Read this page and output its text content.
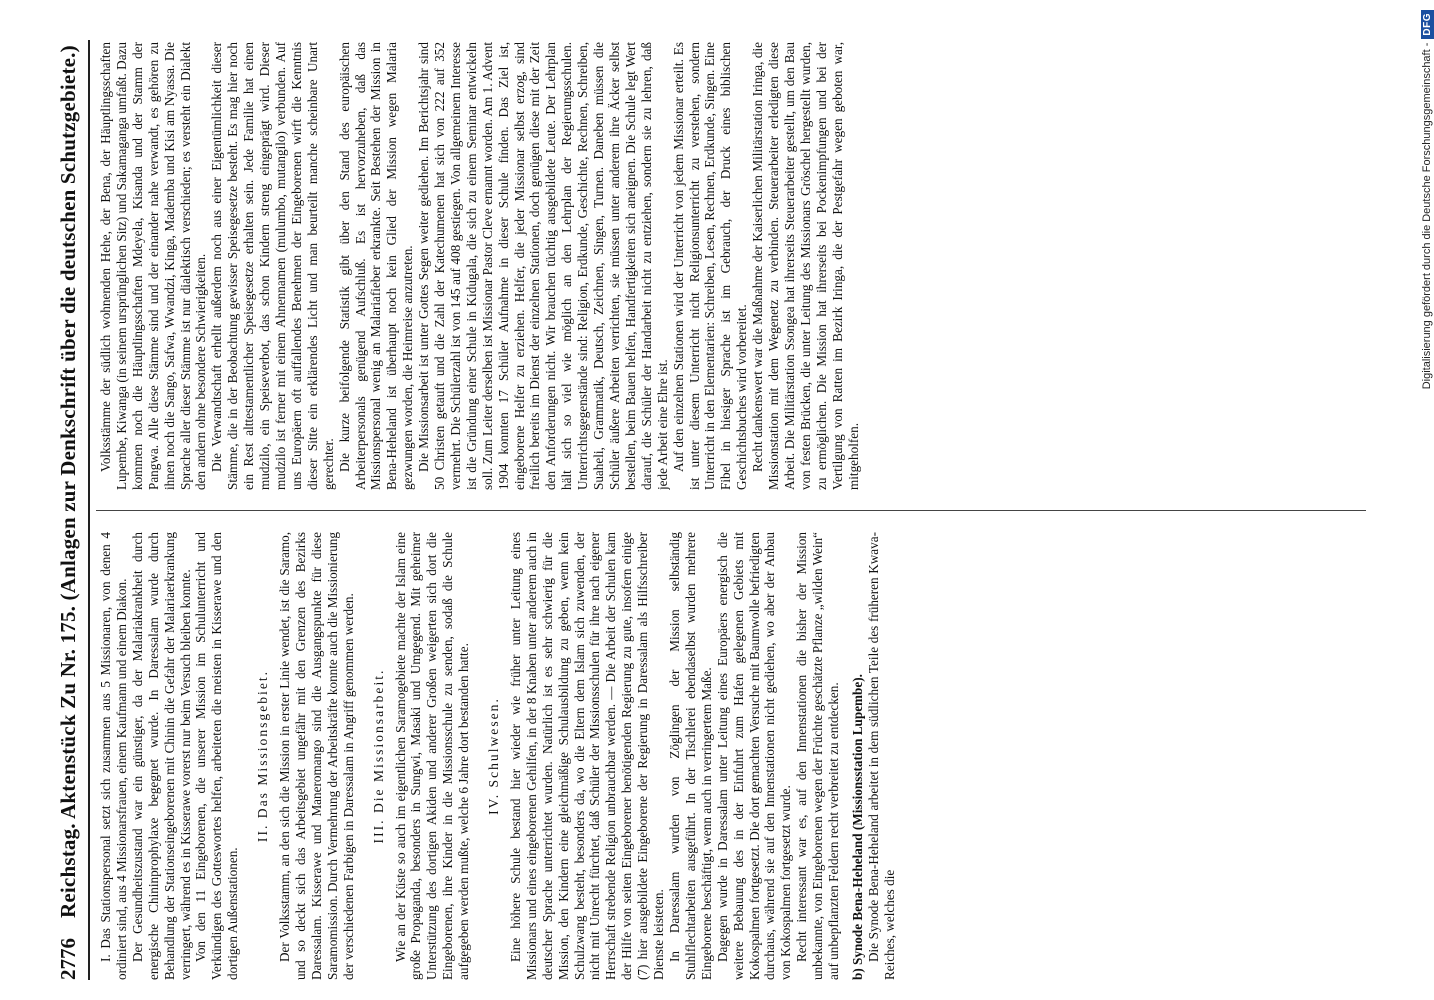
2776
Reichstag. Aktenstück Zu Nr. 175. (Anlagen zur Denkschrift über die deutschen Schutzgebiete.) I. Das Stationspersonal setzt sich zusammen aus 5 Missionaren, von denen 4 ordiniert sind, aus 4 Missionarsfrauen, einem Kaufmann und einem Diakon. Der Gesundheitszustand war ein günstiger, da der Malariakrankheit durch energische Chininprophylaxe begegnet wurde. In Daressalam wurde durch Behandlung der Stationseingeborenen mit Chinin die Gefahr der Malariaerkrankung verringert, während es in Kisserawe vorerst nur beim Versuch bleiben konnte. Von den 11 Eingeborenen, die unserer Mission im Schulunterricht und Verkündigen des Gotteswortes helfen, arbeiteten die meisten in Kisserawe und den dortigen Außenstationen.

II. Das Missionsgebiet. Der Volksstamm, an den sich die Mission in erster Linie wendet, ist die Saramo, und so deckt sich das Arbeitsgebiet ungefähr mit den Grenzen des Bezirks Daressalam. Kisserawe und Maneromango sind die Ausgangspunkte für diese Saramomission. Durch Vermehrung der Arbeitskräfte konnte auch die Missionierung der verschiedenen Farbigen in Daressalam in Angriff genommen werden. III. Die Missionsarbeit. Wie an der Küste so auch im eigentlichen Saramogebiete machte der Islam eine große Propaganda, besonders in Sungwi, Masaki und Umgegend. Mit geheimer Unterstützung des dortigen Akiden und anderer Großen weigerten sich dort die Eingeborenen, ihre Kinder in die Missionsschule zu senden, sodaß die Schule aufgegeben werden mußte, welche 6 Jahre dort bestanden hatte. IV. Schulwesen. Eine höhere Schule bestand hier wieder wie früher unter Leitung eines Missionars und eines eingeborenen Gehilfen, in der 8 Knaben unter anderem auch in deutscher Sprache unterrichtet wurden. Natürlich ist es sehr schwierig für die Mission, den Kindern eine gleichmäßige Schulausbildung zu geben, wenn kein Schulzwang besteht, besonders da, wo die Eltern dem Islam sich zuwenden, der nicht mit Unrecht fürchtet, daß Schüler der Missionsschulen für ihre nach eigener Herrschaft strebende Religion unbrauchbar werden. — Die Arbeit der Schulen kam der Hilfe von seiten Eingeborener benötigenden Regierung zu gute, insofern einige (7) hier ausgebildete Eingeborene der Regierung in Daressalam als Hilfsschreiber Dienste leisteten. In Daressalam wurden von Zöglingen der Mission selbständig Stuhlflechtarbeiten ausgeführt. In der Tischlerei ebendaselbst wurden mehrere Eingeborene beschäftigt, wenn auch in verringertem Maße. Dagegen wurde in Daressalam unter Leitung eines Europäers energisch die weitere Bebauung des in der Einfuhrt zum Hafen gelegenen Gebiets mit Kokospalmen fortgesetzt. Die dort gemachten Versuche mit Baumwolle befriedigten durchaus, während sie auf den Innenstationen nicht gediehen, wo aber der Anbau von Kokospalmen fortgesetzt wurde. Recht interessant war es, auf den Innenstationen die bisher der Mission unbekannte, von Eingeborenen wegen der Früchte geschätzte Pflanze „wilden Wein“ auf unbepflanzten Feldern recht verbreitet zu entdecken. b) Synode Bena-Heheland (Missionsstation Lupembe). Die Synode Bena-Heheland arbeitet in dem südlichen Teile des früheren Kwava-Reiches, welches die

Volksstämme der südlich wohnenden Hehe, der Bena, der Häuptlingsschaften Lupembe, Kiwanga (in seinem ursprünglichen Sitz) und Sakamaganga umfaßt. Dazu kommen noch die Häuptlingsschaften Mdeyela, Kisanda und der Stamm der Pangwa. Alle diese Stämme sind und der einander nahe verwandt, es gehören zu ihnen noch die Sango, Safwa, Wwandzi, Kinga, Mademba und Kisi am Nyassa. Die Sprache aller dieser Stämme ist nur dialektisch verschieden; es versteht ein Dialekt den andern ohne besondere Schwierigkeiten. Die Verwandtschaft erhellt außerdem noch aus einer Eigentümlichkeit dieser Stämme, die in der Beobachtung gewisser Speisegesetze besteht. Es mag hier noch ein Rest alttestamentlicher Speisegesetze erhalten sein. Jede Familie hat einen mudzilo, ein Speiseverbot, das schon Kindern streng eingeprägt wird. Dieser mudzilo ist ferner mit einem Ahnennamen (mulumbo, mutangilo) verbunden. Auf uns Europäern oft auffallendes Benehmen der Eingeborenen wirft die Kenntnis dieser Sitte ein erklärendes Licht und man beurteilt manche scheinbare Unart gerechter. Die kurze beifolgende Statistik gibt über den Stand des europäischen Arbeiterpersonals genügend Aufschluß. Es ist hervorzuheben, daß das Missionspersonal wenig an Malariafieber erkrankte. Seit Bestehen der Mission in Bena-Heheland ist überhaupt noch kein Glied der Mission wegen Malaria gezwungen worden, die Heimreise anzutreten. Die Missionsarbeit ist unter Gottes Segen weiter gediehen. Im Berichtsjahr sind 50 Christen getauft und die Zahl der Katechumenen hat sich von 222 auf 352 vermehrt. Die Schülerzahl ist von 145 auf 408 gestiegen. Von allgemeinem Interesse ist die Gründung einer Schule in Kidugala, die sich zu einem Seminar entwickeln soll. Zum Leiter derselben ist Missionar Pastor Cleve ernannt worden. Am 1. Advent 1904 konnten 17 Schüler Aufnahme in dieser Schule finden. Das Ziel ist, eingeborene Helfer zu erziehen. Helfer, die jeder Missionar selbst erzog, sind freilich bereits im Dienst der einzelnen Stationen, doch genügen diese mit der Zeit den Anforderungen nicht. Wir brauchen tüchtig ausgebildete Leute. Der Lehrplan hält sich so viel wie möglich an den Lehrplan der Regierungsschulen. Unterrichtsgegenstände sind: Religion, Erdkunde, Geschichte, Rechnen, Schreiben, Suaheli, Grammatik, Deutsch, Zeichnen, Singen, Turnen. Daneben müssen die Schüler äußere Arbeiten verrichten, sie müssen unter anderem ihre Äcker selbst bestellen, beim Bauen helfen, Handfertigkeiten sich aneignen. Die Schule legt Wert darauf, die Schüler der Handarbeit nicht zu entziehen, sondern sie zu lehren, daß jede Arbeit eine Ehre ist. Auf den einzelnen Stationen wird der Unterricht von jedem Missionar erteilt. Es ist unter diesem Unterricht nicht Religionsunterricht zu verstehen, sondern Unterricht in den Elementarien: Schreiben, Lesen, Rechnen, Erdkunde, Singen. Eine Fibel in hiesiger Sprache ist im Gebrauch, der Druck eines biblischen Geschichtsbuches wird vorbereitet. Recht dankenswert war die Maßnahme der Kaiserlichen Militärstation Iringa, die Missionstation mit dem Wegenetz zu verbinden. Steuerarbeiter erledigten diese Arbeit. Die Militärstation Ssongea hat ihrerseits Steuerarbeiter gestellt, um den Bau von festen Brücken, die unter Leitung des Missionars Gröschel hergestellt wurden, zu ermöglichen. Die Mission hat ihrerseits bei Pockenimpfungen und bei der Vertilgung von Ratten im Bezirk Iringa, die der Pestgefahr wegen geboten war, mitgeholfen.

Digitalisierung gefördert durch die Deutsche Forschungsgemeinschaft -
DFG
